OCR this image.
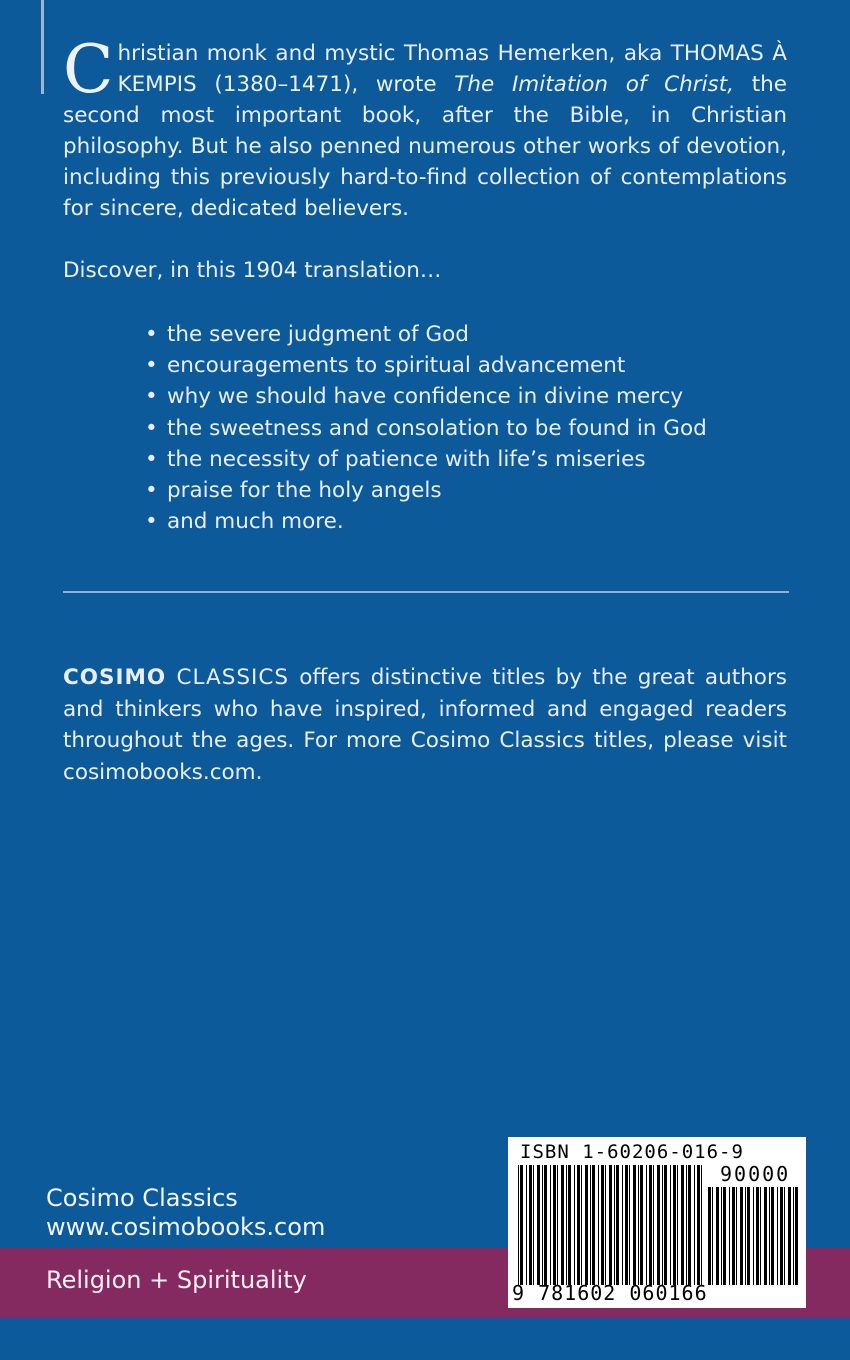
Christian monk and mystic Thomas Hemerken, aka THOMAS À KEMPIS (1380–1471), wrote The Imitation of Christ, the second most important book, after the Bible, in Christian philosophy. But he also penned numerous other works of devotion, including this previously hard-to-find collection of contemplations for sincere, dedicated believers.

Discover, in this 1904 translation…

• the severe judgment of God
• encouragements to spiritual advancement
• why we should have confidence in divine mercy
• the sweetness and consolation to be found in God
• the necessity of patience with life’s miseries
• praise for the holy angels
• and much more.

COSIMO CLASSICS offers distinctive titles by the great authors and thinkers who have inspired, informed and engaged readers throughout the ages. For more Cosimo Classics titles, please visit cosimobooks.com.

Cosimo Classics
www.cosimobooks.com
Religion + Spirituality
ISBN 1-60206-016-9
90000
9 781602 060166
